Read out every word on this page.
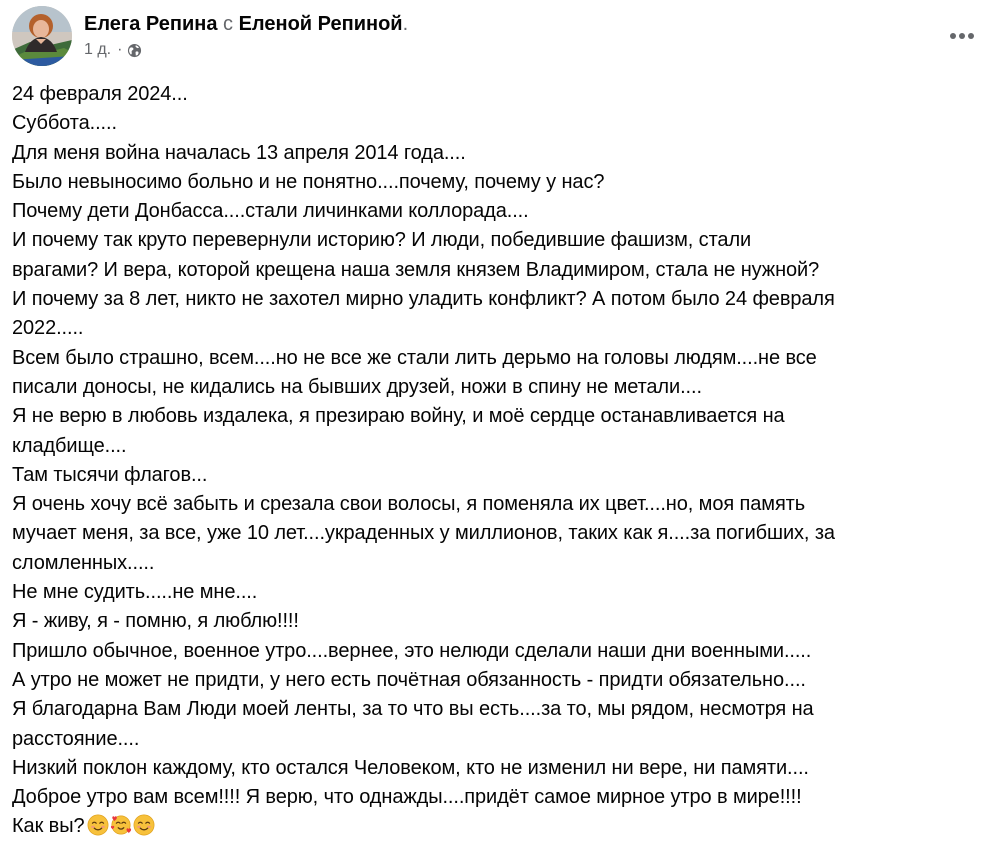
Елега Репина с Еленой Репиной.
1 д. ·
24 февраля 2024...
Суббота.....
Для меня война началась 13 апреля 2014 года....
Было невыносимо больно и не понятно....почему, почему у нас?
Почему дети Донбасса....стали личинками коллорада....
И почему так круто перевернули историю? И люди, победившие фашизм, стали
врагами? И вера, которой крещена наша земля князем Владимиром, стала не нужной?
И почему за 8 лет, никто не захотел мирно уладить конфликт? А потом было 24 февраля
2022.....
Всем было страшно, всем....но не все же стали лить дерьмо на головы людям....не все
писали доносы, не кидались на бывших друзей, ножи в спину не метали....
Я не верю в любовь издалека, я презираю войну, и моё сердце останавливается на
кладбище....
Там тысячи флагов...
Я очень хочу всё забыть и срезала свои волосы, я поменяла их цвет....но, моя память
мучает меня, за все, уже 10 лет....украденных у миллионов, таких как я....за погибших, за
сломленных.....
Не мне судить.....не мне....
Я - живу, я - помню, я люблю!!!!
Пришло обычное, военное утро....вернее, это нелюди сделали наши дни военными.....
А утро не может не придти, у него есть почётная обязанность - придти обязательно....
Я благодарна Вам Люди моей ленты, за то что вы есть....за то, мы рядом, несмотря на
расстояние....
Низкий поклон каждому, кто остался Человеком, кто не изменил ни вере, ни памяти....
Доброе утро вам всем!!!! Я верю, что однажды....придёт самое мирное утро в мире!!!!
Как вы?
